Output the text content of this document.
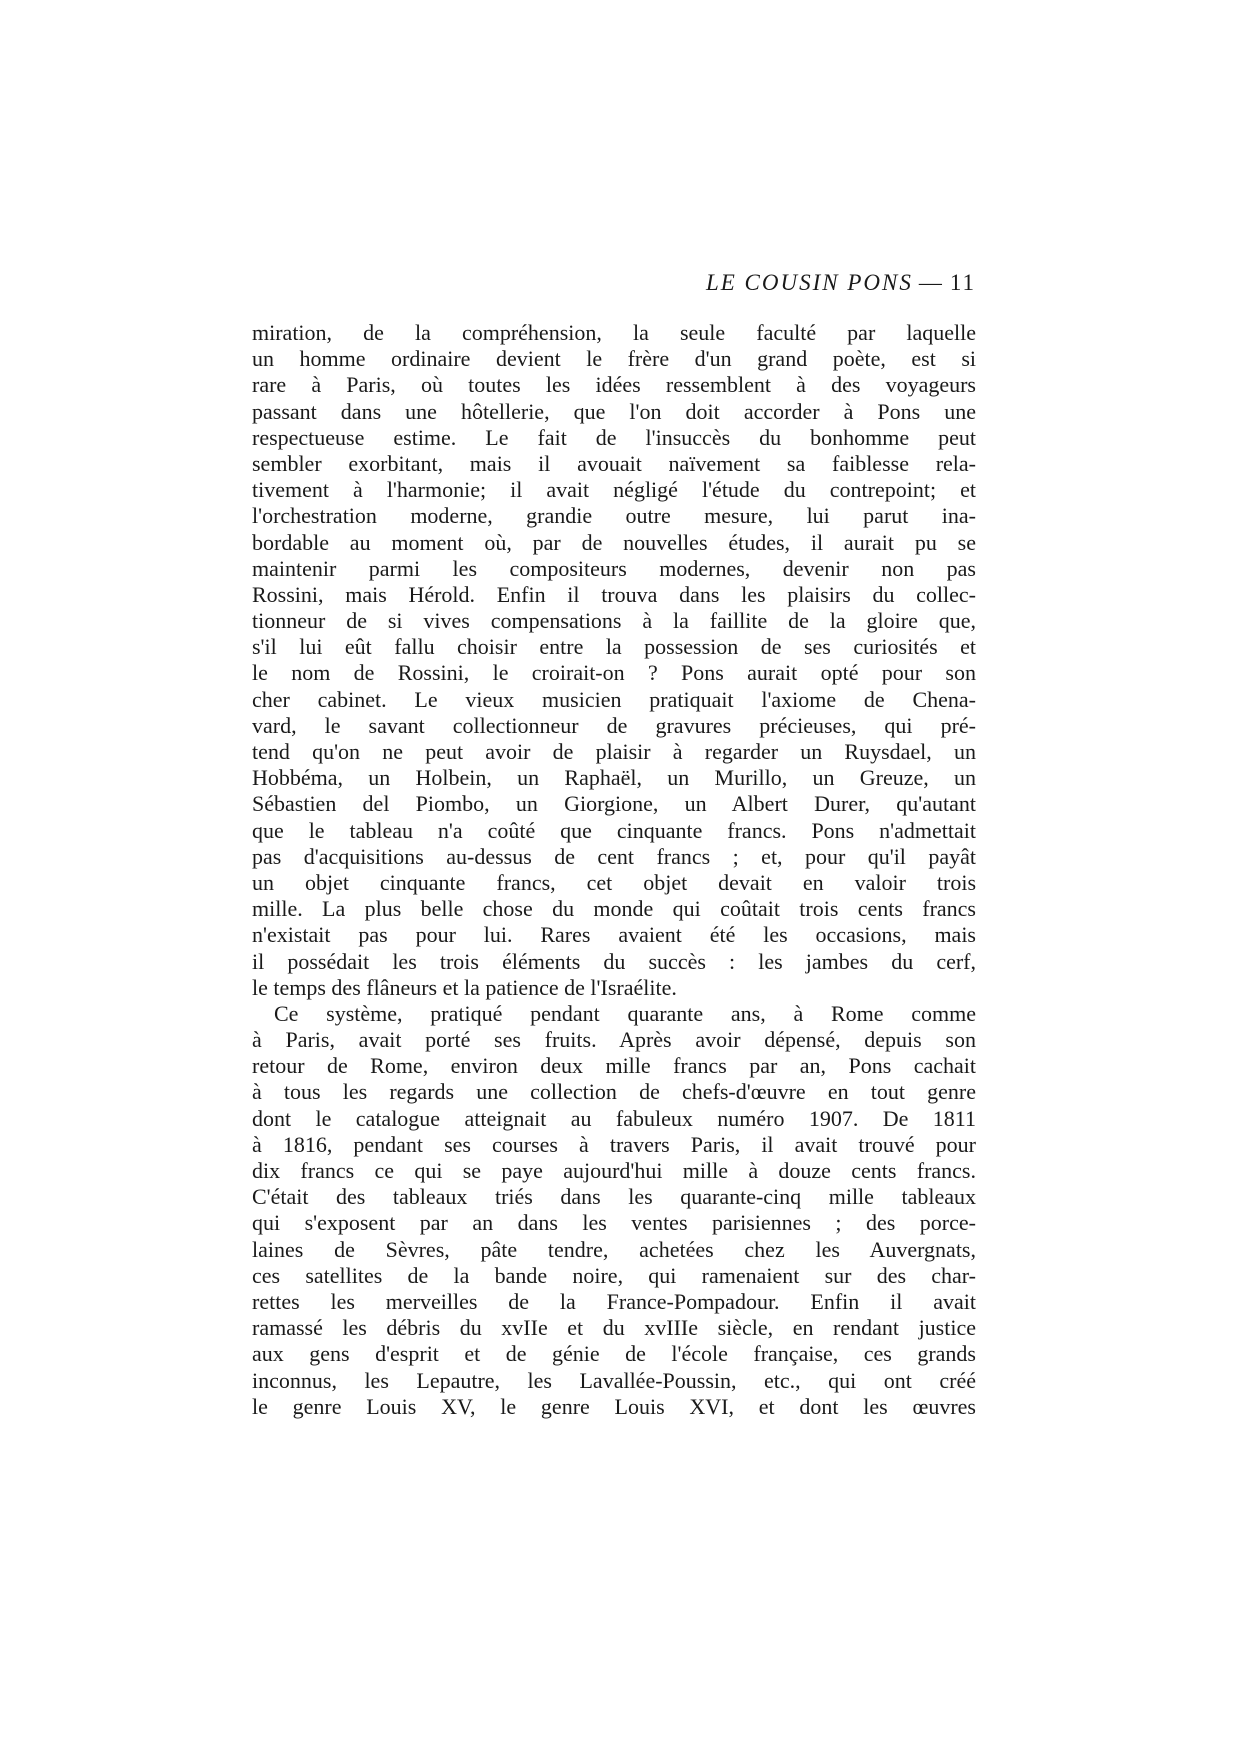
LE COUSIN PONS — 11
miration, de la compréhension, la seule faculté par laquelle
un homme ordinaire devient le frère d'un grand poète, est si
rare à Paris, où toutes les idées ressemblent à des voyageurs
passant dans une hôtellerie, que l'on doit accorder à Pons une
respectueuse estime. Le fait de l'insuccès du bonhomme peut
sembler exorbitant, mais il avouait naïvement sa faiblesse rela-
tivement à l'harmonie; il avait négligé l'étude du contrepoint; et
l'orchestration moderne, grandie outre mesure, lui parut ina-
bordable au moment où, par de nouvelles études, il aurait pu se
maintenir parmi les compositeurs modernes, devenir non pas
Rossini, mais Hérold. Enfin il trouva dans les plaisirs du collec-
tionneur de si vives compensations à la faillite de la gloire que,
s'il lui eût fallu choisir entre la possession de ses curiosités et
le nom de Rossini, le croirait-on ? Pons aurait opté pour son
cher cabinet. Le vieux musicien pratiquait l'axiome de Chena-
vard, le savant collectionneur de gravures précieuses, qui pré-
tend qu'on ne peut avoir de plaisir à regarder un Ruysdael, un
Hobbéma, un Holbein, un Raphaël, un Murillo, un Greuze, un
Sébastien del Piombo, un Giorgione, un Albert Durer, qu'autant
que le tableau n'a coûté que cinquante francs. Pons n'admettait
pas d'acquisitions au-dessus de cent francs ; et, pour qu'il payât
un objet cinquante francs, cet objet devait en valoir trois
mille. La plus belle chose du monde qui coûtait trois cents francs
n'existait pas pour lui. Rares avaient été les occasions, mais
il possédait les trois éléments du succès : les jambes du cerf,
le temps des flâneurs et la patience de l'Israélite.
Ce système, pratiqué pendant quarante ans, à Rome comme
à Paris, avait porté ses fruits. Après avoir dépensé, depuis son
retour de Rome, environ deux mille francs par an, Pons cachait
à tous les regards une collection de chefs-d'œuvre en tout genre
dont le catalogue atteignait au fabuleux numéro 1907. De 1811
à 1816, pendant ses courses à travers Paris, il avait trouvé pour
dix francs ce qui se paye aujourd'hui mille à douze cents francs.
C'était des tableaux triés dans les quarante-cinq mille tableaux
qui s'exposent par an dans les ventes parisiennes ; des porce-
laines de Sèvres, pâte tendre, achetées chez les Auvergnats,
ces satellites de la bande noire, qui ramenaient sur des char-
rettes les merveilles de la France-Pompadour. Enfin il avait
ramassé les débris du xvIIe et du xvIIIe siècle, en rendant justice
aux gens d'esprit et de génie de l'école française, ces grands
inconnus, les Lepautre, les Lavallée-Poussin, etc., qui ont créé
le genre Louis XV, le genre Louis XVI, et dont les œuvres
